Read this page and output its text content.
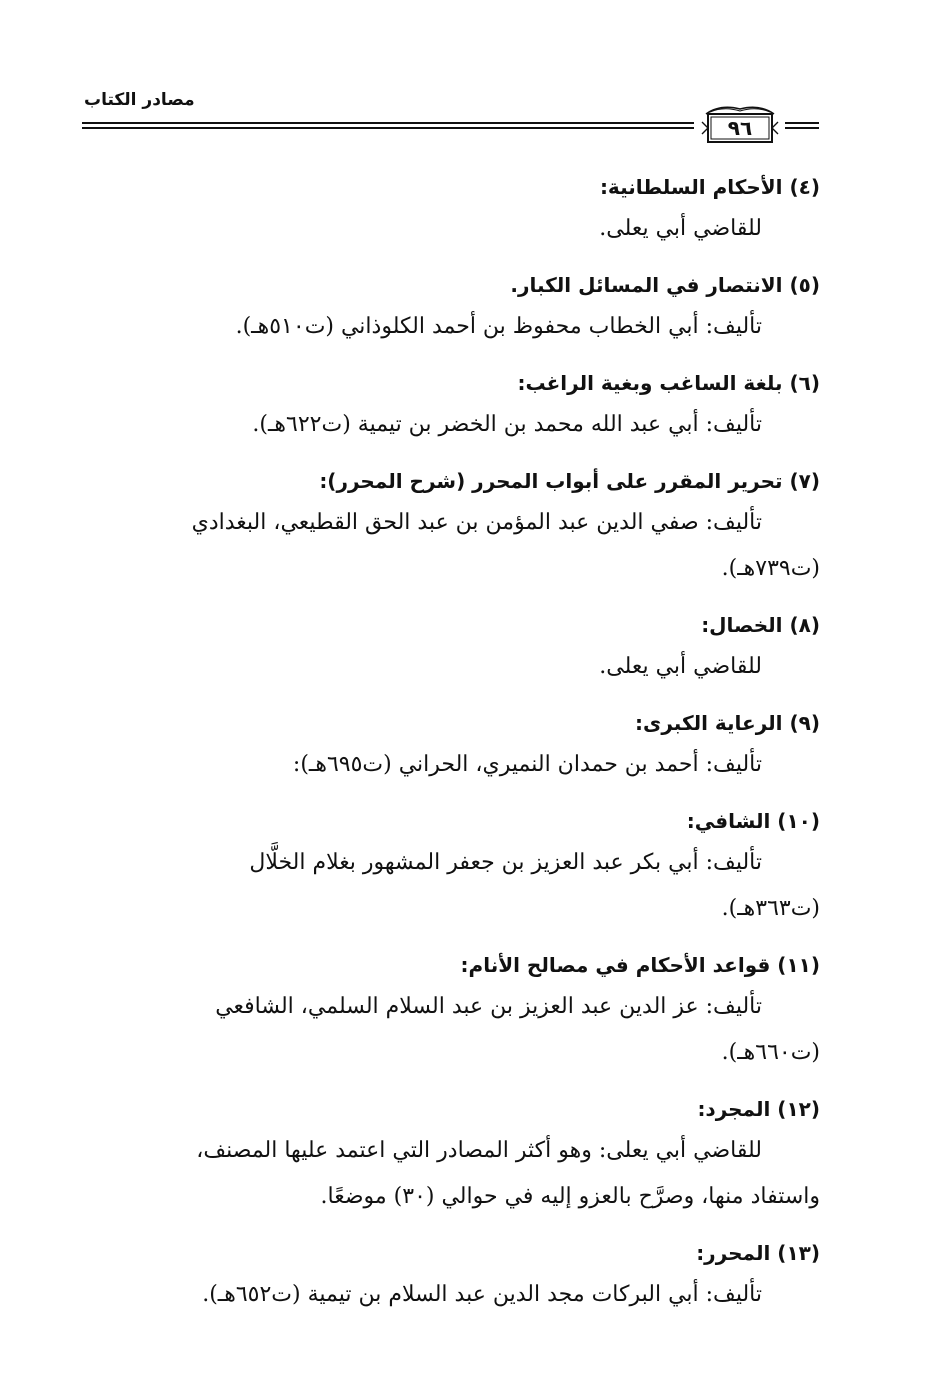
مصادر الكتاب
٩٦
(٤) الأحكام السلطانية:
للقاضي أبي يعلى.
(٥) الانتصار في المسائل الكبار.
تأليف: أبي الخطاب محفوظ بن أحمد الكلوذاني (ت٥١٠هـ).
(٦) بلغة الساغب وبغية الراغب:
تأليف: أبي عبد الله محمد بن الخضر بن تيمية (ت٦٢٢هـ).
(٧) تحرير المقرر على أبواب المحرر (شرح المحرر):
تأليف: صفي الدين عبد المؤمن بن عبد الحق القطيعي، البغدادي
(ت٧٣٩هـ).
(٨) الخصال:
للقاضي أبي يعلى.
(٩) الرعاية الكبرى:
تأليف: أحمد بن حمدان النميري، الحراني (ت٦٩٥هـ):
(١٠) الشافي:
تأليف: أبي بكر عبد العزيز بن جعفر المشهور بغلام الخلَّال
(ت٣٦٣هـ).
(١١) قواعد الأحكام في مصالح الأنام:
تأليف: عز الدين عبد العزيز بن عبد السلام السلمي، الشافعي
(ت٦٦٠هـ).
(١٢) المجرد:
للقاضي أبي يعلى: وهو أكثر المصادر التي اعتمد عليها المصنف،
واستفاد منها، وصرَّح بالعزو إليه في حوالي (٣٠) موضعًا.
(١٣) المحرر:
تأليف: أبي البركات مجد الدين عبد السلام بن تيمية (ت٦٥٢هـ).
